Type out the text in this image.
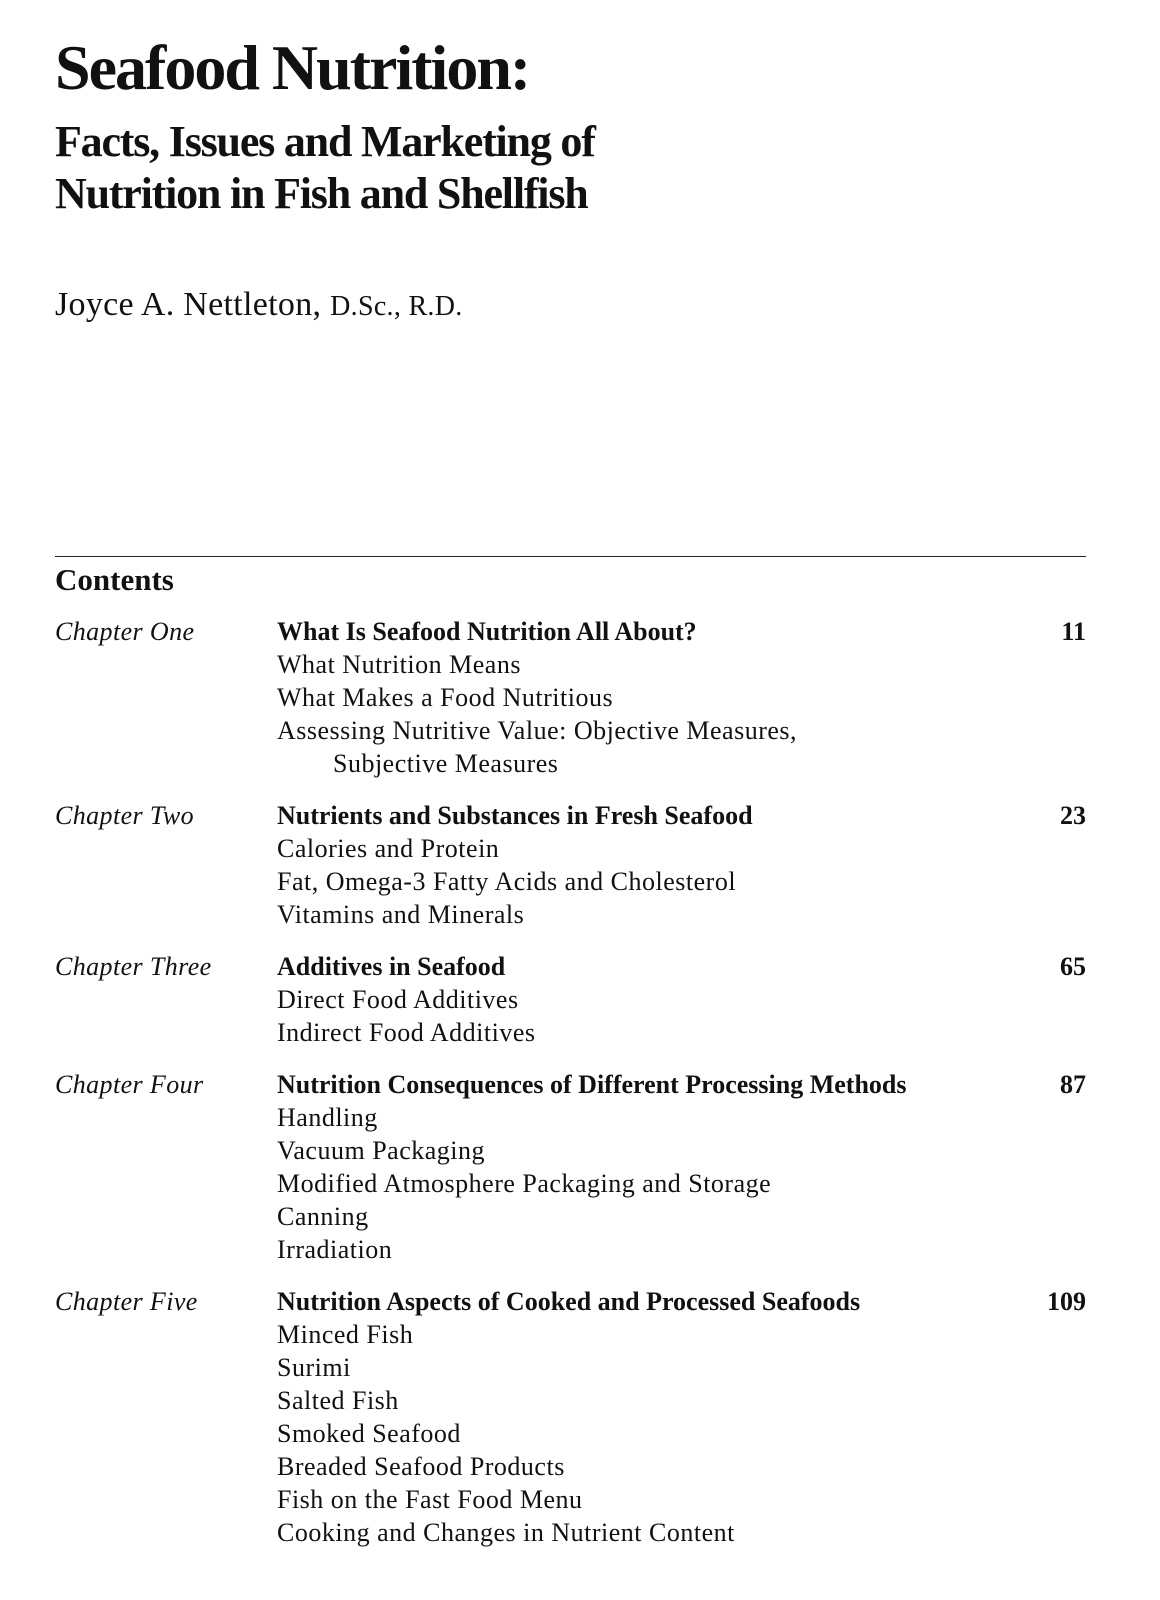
Seafood Nutrition:
Facts, Issues and Marketing of
Nutrition in Fish and Shellfish
Joyce A. Nettleton, D.Sc., R.D.
Contents
Chapter One	What Is Seafood Nutrition All About?	11
What Nutrition Means
What Makes a Food Nutritious
Assessing Nutritive Value: Objective Measures,
Subjective Measures
Chapter Two	Nutrients and Substances in Fresh Seafood	23
Calories and Protein
Fat, Omega-3 Fatty Acids and Cholesterol
Vitamins and Minerals
Chapter Three	Additives in Seafood	65
Direct Food Additives
Indirect Food Additives
Chapter Four	Nutrition Consequences of Different Processing Methods	87
Handling
Vacuum Packaging
Modified Atmosphere Packaging and Storage
Canning
Irradiation
Chapter Five	Nutrition Aspects of Cooked and Processed Seafoods	109
Minced Fish
Surimi
Salted Fish
Smoked Seafood
Breaded Seafood Products
Fish on the Fast Food Menu
Cooking and Changes in Nutrient Content
